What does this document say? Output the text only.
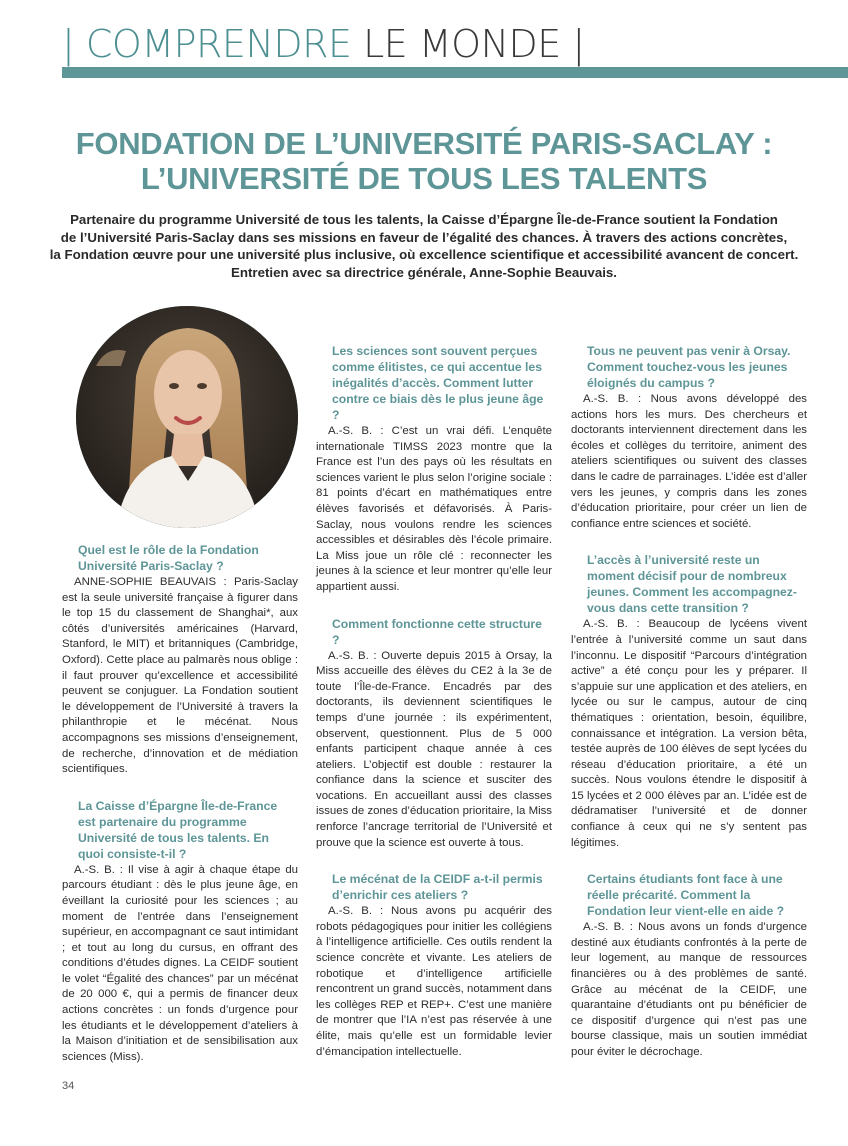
| COMPRENDRE LE MONDE |
FONDATION DE L’UNIVERSITÉ PARIS-SACLAY :
L’UNIVERSITÉ DE TOUS LES TALENTS
Partenaire du programme Université de tous les talents, la Caisse d’Épargne Île-de-France soutient la Fondation
de l’Université Paris-Saclay dans ses missions en faveur de l’égalité des chances. À travers des actions concrètes,
la Fondation œuvre pour une université plus inclusive, où excellence scientifique et accessibilité avancent de concert.
Entretien avec sa directrice générale, Anne-Sophie Beauvais.

Quel est le rôle de la Fondation Université Paris-Saclay ?

ANNE-SOPHIE BEAUVAIS : Paris-Saclay est la seule université française à figurer dans le top 15 du classement de Shanghai*, aux côtés d’universités américaines (Harvard, Stanford, le MIT) et britanniques (Cambridge, Oxford). Cette place au palmarès nous oblige : il faut prouver qu’excellence et accessibilité peuvent se conjuguer. La Fondation soutient le développement de l’Université à travers la philanthropie et le mécénat. Nous accompagnons ses missions d’enseignement, de recherche, d’innovation et de médiation scientifiques.

La Caisse d’Épargne Île-de-France est partenaire du programme Université de tous les talents. En quoi consiste-t-il ?

A.-S. B. : Il vise à agir à chaque étape du parcours étudiant : dès le plus jeune âge, en éveillant la curiosité pour les sciences ; au moment de l’entrée dans l’enseignement supérieur, en accompagnant ce saut intimidant ; et tout au long du cursus, en offrant des conditions d’études dignes. La CEIDF soutient le volet “Égalité des chances” par un mécénat de 20 000 €, qui a permis de financer deux actions concrètes : un fonds d’urgence pour les étudiants et le développement d’ateliers à la Maison d’initiation et de sensibilisation aux sciences (Miss).

Les sciences sont souvent perçues comme élitistes, ce qui accentue les inégalités d’accès. Comment lutter contre ce biais dès le plus jeune âge ?

A.-S. B. : C’est un vrai défi. L’enquête internationale TIMSS 2023 montre que la France est l’un des pays où les résultats en sciences varient le plus selon l’origine sociale : 81 points d’écart en mathématiques entre élèves favorisés et défavorisés. À Paris-Saclay, nous voulons rendre les sciences accessibles et désirables dès l’école primaire. La Miss joue un rôle clé : reconnecter les jeunes à la science et leur montrer qu’elle leur appartient aussi.

Comment fonctionne cette structure ?

A.-S. B. : Ouverte depuis 2015 à Orsay, la Miss accueille des élèves du CE2 à la 3e de toute l’Île-de-France. Encadrés par des doctorants, ils deviennent scientifiques le temps d’une journée : ils expérimentent, observent, questionnent. Plus de 5 000 enfants participent chaque année à ces ateliers. L’objectif est double : restaurer la confiance dans la science et susciter des vocations. En accueillant aussi des classes issues de zones d’éducation prioritaire, la Miss renforce l’ancrage territorial de l’Université et prouve que la science est ouverte à tous.

Le mécénat de la CEIDF a-t-il permis d’enrichir ces ateliers ?

A.-S. B. : Nous avons pu acquérir des robots pédagogiques pour initier les collégiens à l’intelligence artificielle. Ces outils rendent la science concrète et vivante. Les ateliers de robotique et d’intelligence artificielle rencontrent un grand succès, notamment dans les collèges REP et REP+. C’est une manière de montrer que l’IA n’est pas réservée à une élite, mais qu’elle est un formidable levier d’émancipation intellectuelle.

Tous ne peuvent pas venir à Orsay. Comment touchez-vous les jeunes éloignés du campus ?

A.-S. B. : Nous avons développé des actions hors les murs. Des chercheurs et doctorants interviennent directement dans les écoles et collèges du territoire, animent des ateliers scientifiques ou suivent des classes dans le cadre de parrainages. L’idée est d’aller vers les jeunes, y compris dans les zones d’éducation prioritaire, pour créer un lien de confiance entre sciences et société.

L’accès à l’université reste un moment décisif pour de nombreux jeunes. Comment les accompagnez-vous dans cette transition ?

A.-S. B. : Beaucoup de lycéens vivent l’entrée à l’université comme un saut dans l’inconnu. Le dispositif “Parcours d’intégration active” a été conçu pour les y préparer. Il s’appuie sur une application et des ateliers, en lycée ou sur le campus, autour de cinq thématiques : orientation, besoin, équilibre, connaissance et intégration. La version bêta, testée auprès de 100 élèves de sept lycées du réseau d’éducation prioritaire, a été un succès. Nous voulons étendre le dispositif à 15 lycées et 2 000 élèves par an. L’idée est de dédramatiser l’université et de donner confiance à ceux qui ne s’y sentent pas légitimes.

Certains étudiants font face à une réelle précarité. Comment la Fondation leur vient-elle en aide ?

A.-S. B. : Nous avons un fonds d’urgence destiné aux étudiants confrontés à la perte de leur logement, au manque de ressources financières ou à des problèmes de santé. Grâce au mécénat de la CEIDF, une quarantaine d’étudiants ont pu bénéficier de ce dispositif d’urgence qui n’est pas une bourse classique, mais un soutien immédiat pour éviter le décrochage.

34
